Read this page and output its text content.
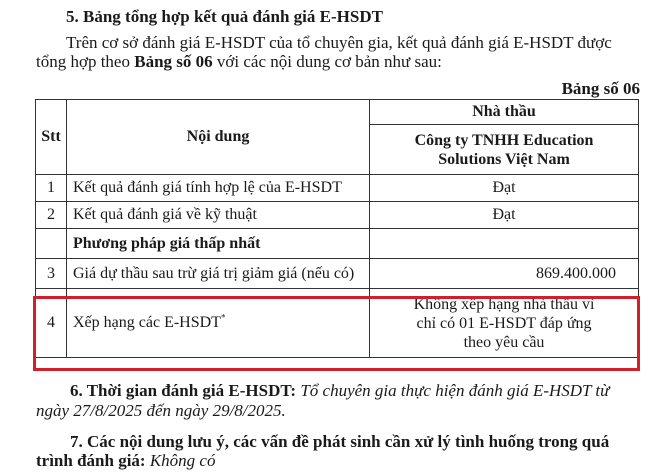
5. Bảng tổng hợp kết quả đánh giá E-HSDT
Trên cơ sở đánh giá E-HSDT của tổ chuyên gia, kết quả đánh giá E-HSDT được
tổng hợp theo Bảng số 06 với các nội dung cơ bản như sau:
Bảng số 06
Stt	Nội dung	Nhà thầu

		Công ty TNHH Education
Solutions Việt Nam

1	Kết quả đánh giá tính hợp lệ của E-HSDT	Đạt
2	Kết quả đánh giá về kỹ thuật	Đạt
	Phương pháp giá thấp nhất	
3	Giá dự thầu sau trừ giá trị giảm giá (nếu có)	869.400.000
4	Xếp hạng các E-HSDT*	Không xếp hạng nhà thầu vì
chỉ có 01 E-HSDT đáp ứng
theo yêu cầu
6. Thời gian đánh giá E-HSDT: Tổ chuyên gia thực hiện đánh giá E-HSDT từ
ngày 27/8/2025 đến ngày 29/8/2025.
7. Các nội dung lưu ý, các vấn đề phát sinh cần xử lý tình huống trong quá
trình đánh giá: Không có
